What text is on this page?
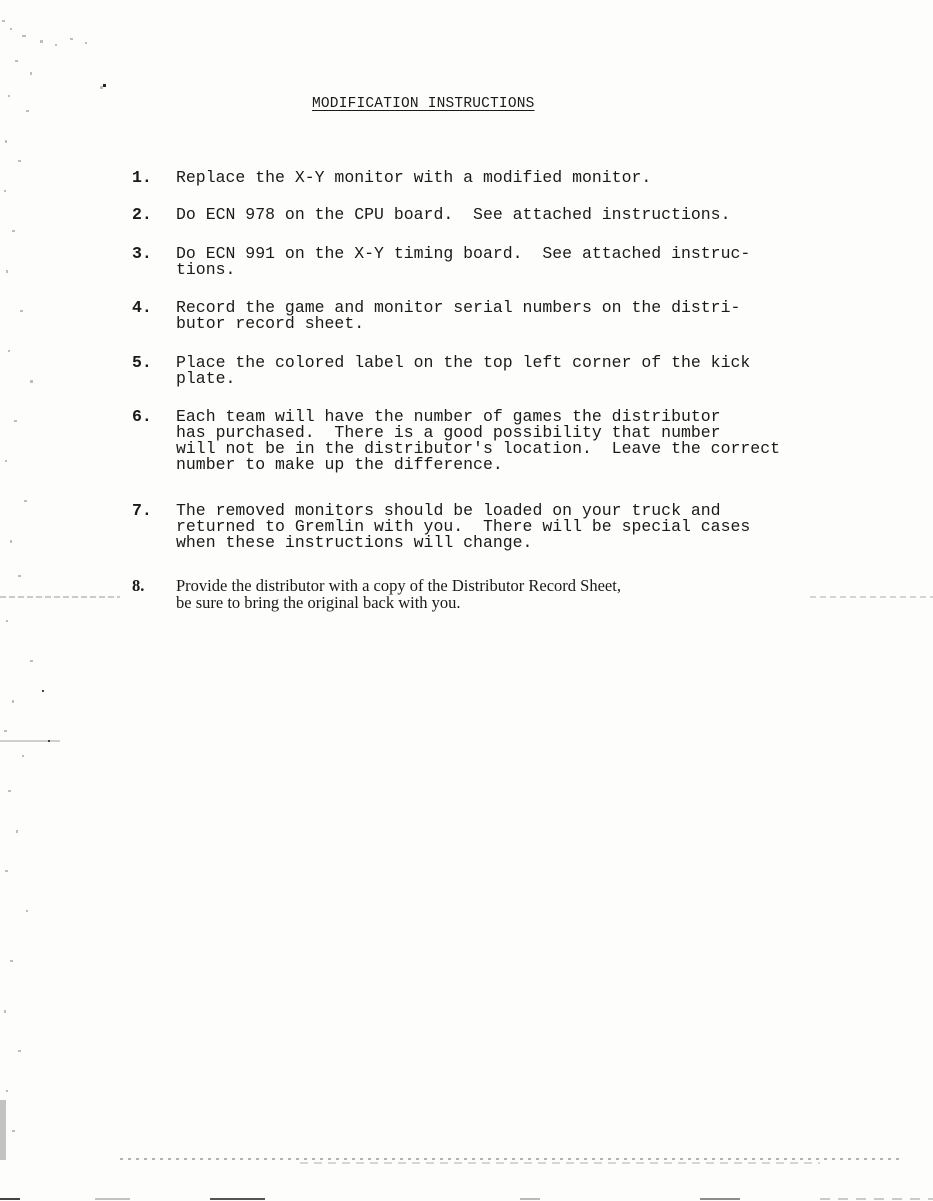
MODIFICATION INSTRUCTIONS
1.	Replace the X-Y monitor with a modified monitor.
2.	Do ECN 978 on the CPU board.  See attached instructions.
3.	Do ECN 991 on the X-Y timing board.  See attached instruc-
tions.
4.	Record the game and monitor serial numbers on the distri-
butor record sheet.
5.	Place the colored label on the top left corner of the kick
plate.
6.	Each team will have the number of games the distributor
has purchased.  There is a good possibility that number
will not be in the distributor's location.  Leave the correct
number to make up the difference.
7.	The removed monitors should be loaded on your truck and
returned to Gremlin with you.  There will be special cases
when these instructions will change.
8.	Provide the distributor with a copy of the Distributor Record Sheet,
be sure to bring the original back with you.
